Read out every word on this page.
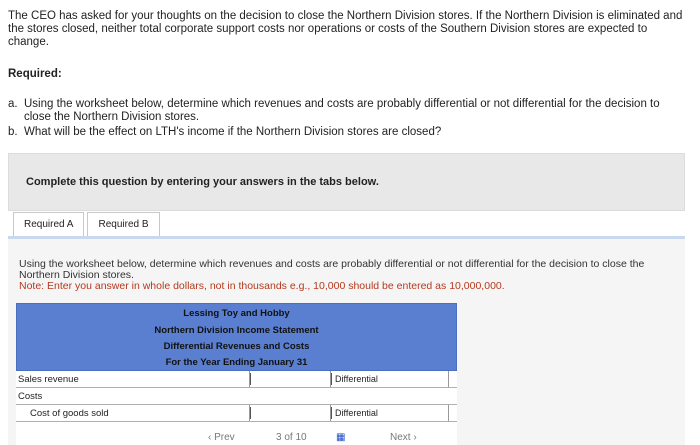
The CEO has asked for your thoughts on the decision to close the Northern Division stores. If the Northern Division is eliminated and the stores closed, neither total corporate support costs nor operations or costs of the Southern Division stores are expected to change.
Required:
a. Using the worksheet below, determine which revenues and costs are probably differential or not differential for the decision to close the Northern Division stores.
b. What will be the effect on LTH's income if the Northern Division stores are closed?
Complete this question by entering your answers in the tabs below.
Required A	Required B
Using the worksheet below, determine which revenues and costs are probably differential or not differential for the decision to close the Northern Division stores.
Note: Enter you answer in whole dollars, not in thousands e.g., 10,000 should be entered as 10,000,000.
Lessing Toy and Hobby
Northern Division Income Statement
Differential Revenues and Costs
For the Year Ending January 31
Sales revenue	Differential
Costs
Cost of goods sold	Differential
‹ Prev	3 of 10	▦	Next ›
